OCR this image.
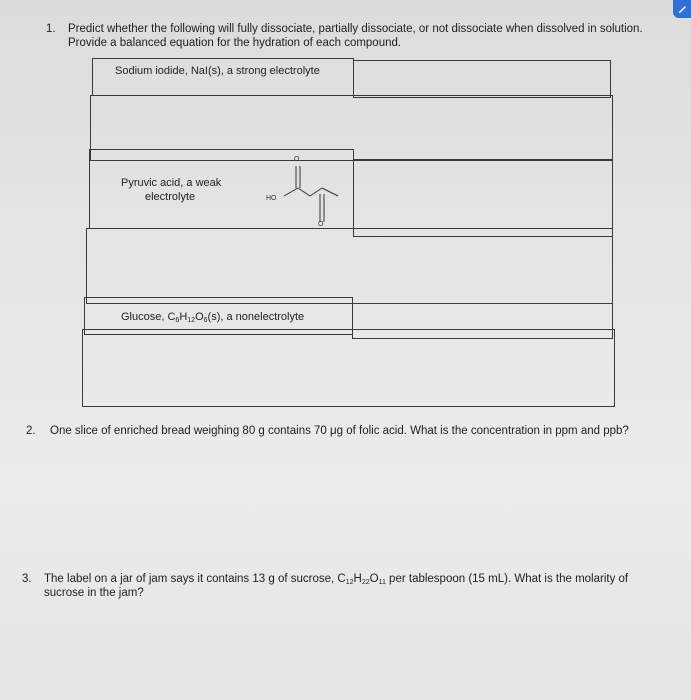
1. Predict whether the following will fully dissociate, partially dissociate, or not dissociate when dissolved in solution.
Provide a balanced equation for the hydration of each compound.
Sodium iodide, NaI(s), a strong electrolyte
Pyruvic acid, a weak
electrolyte	HO
O
O
Glucose, $C_6H_{12}O_6(s)$, a nonelectrolyte
2. One slice of enriched bread weighing 80 g contains 70 μg of folic acid. What is the concentration in ppm and ppb?
3. The label on a jar of jam says it contains 13 g of sucrose, $C_{12}H_{22}O_{11}$ per tablespoon (15 mL). What is the molarity of
sucrose in the jam?
